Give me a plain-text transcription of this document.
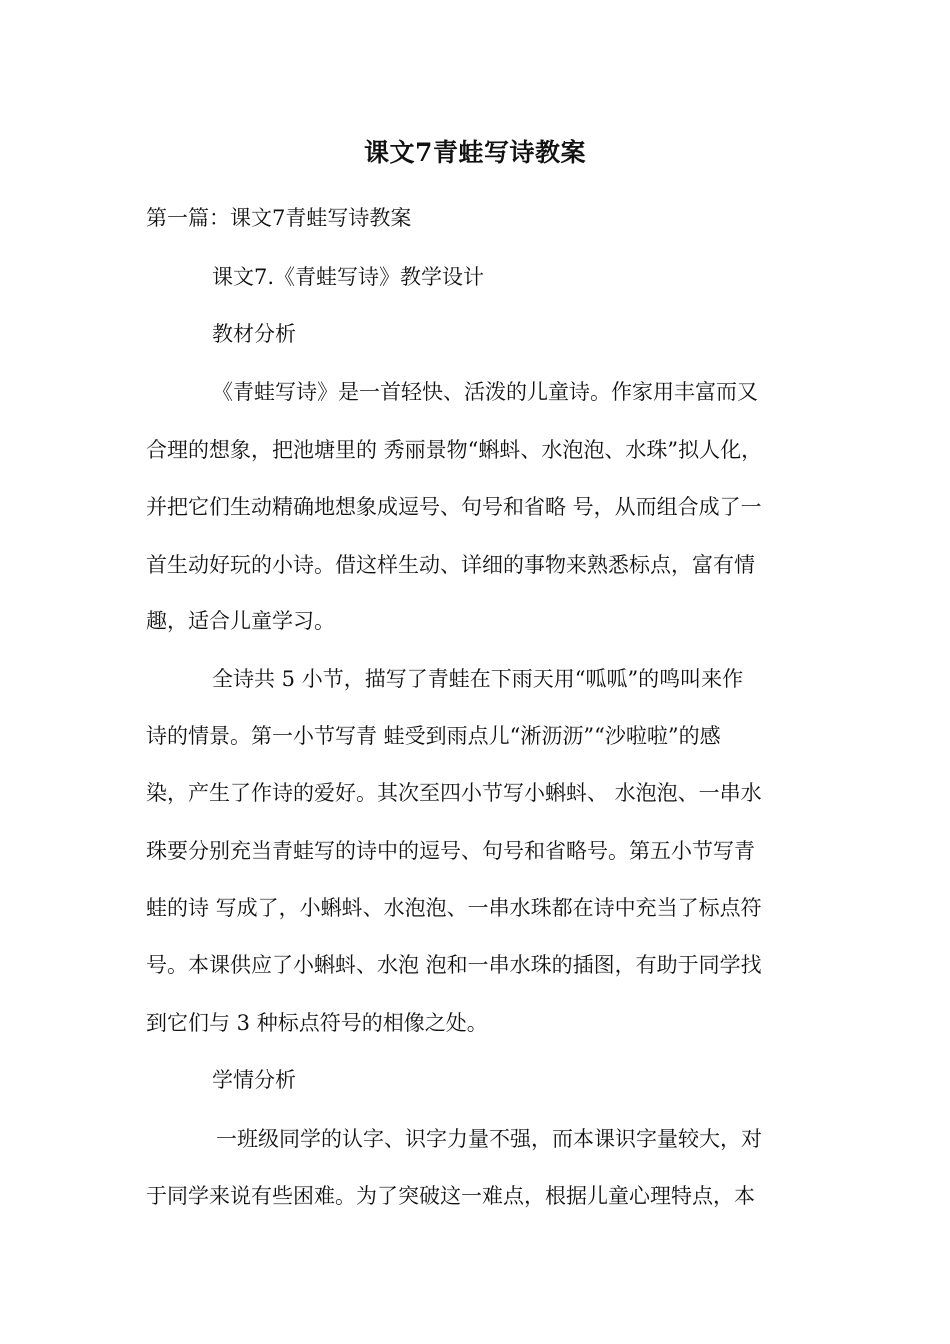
课文7青蛙写诗教案

第一篇：课文7青蛙写诗教案

课文7.《青蛙写诗》教学设计

教材分析

《青蛙写诗》是一首轻快、活泼的儿童诗。作家用丰富而又

合理的想象，把池塘里的 秀丽景物“蝌蚪、水泡泡、水珠”拟人化，

并把它们生动精确地想象成逗号、句号和省略 号，从而组合成了一

首生动好玩的小诗。借这样生动、详细的事物来熟悉标点，富有情

趣，适合儿童学习。

全诗共 5 小节，描写了青蛙在下雨天用“呱呱”的鸣叫来作

诗的情景。第一小节写青 蛙受到雨点儿“淅沥沥”“沙啦啦”的感

染，产生了作诗的爱好。其次至四小节写小蝌蚪、 水泡泡、一串水

珠要分别充当青蛙写的诗中的逗号、句号和省略号。第五小节写青

蛙的诗 写成了，小蝌蚪、水泡泡、一串水珠都在诗中充当了标点符

号。本课供应了小蝌蚪、水泡 泡和一串水珠的插图，有助于同学找

到它们与 3 种标点符号的相像之处。

学情分析

一班级同学的认字、识字力量不强，而本课识字量较大，对

于同学来说有些困难。为了突破这一难点，根据儿童心理特点，本
